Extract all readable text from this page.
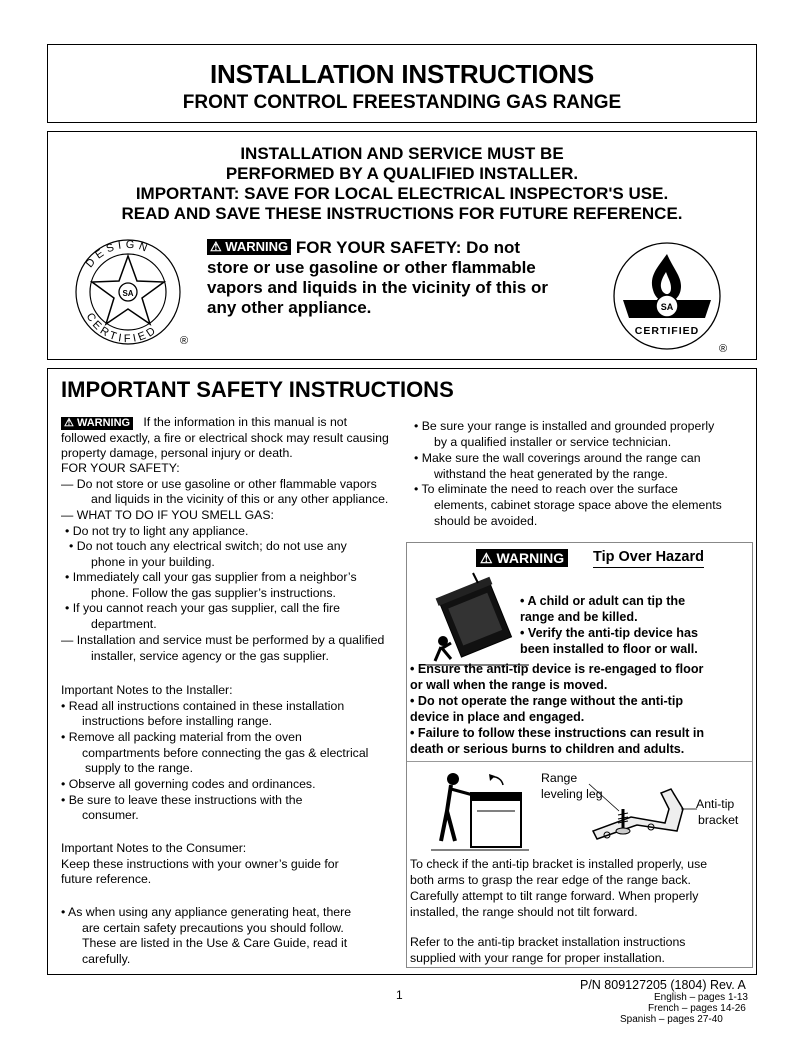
INSTALLATION INSTRUCTIONS
FRONT CONTROL FREESTANDING GAS RANGE
INSTALLATION AND SERVICE MUST BE
PERFORMED BY A QUALIFIED INSTALLER.
IMPORTANT: SAVE FOR LOCAL ELECTRICAL INSPECTOR'S USE.
READ AND SAVE THESE INSTRUCTIONS FOR FUTURE REFERENCE.
SA
DESIGN
CERTIFIED
®
⚠ WARNING FOR YOUR SAFETY: Do not
store or use gasoline or other flammable
vapors and liquids in the vicinity of this or
any other appliance.	SA
CERTIFIED
®
IMPORTANT SAFETY INSTRUCTIONS
⚠ WARNING If the information in this manual is not
followed exactly, a fire or electrical shock may result causing
property damage, personal injury or death.
FOR YOUR SAFETY:
— Do not store or use gasoline or other flammable vapors
and liquids in the vicinity of this or any other appliance.
— WHAT TO DO IF YOU SMELL GAS:
• Do not try to light any appliance.
• Do not touch any electrical switch; do not use any
phone in your building.
• Immediately call your gas supplier from a neighbor’s
phone. Follow the gas supplier’s instructions.
• If you cannot reach your gas supplier, call the fire
department.
— Installation and service must be performed by a qualified
installer, service agency or the gas supplier.
Important Notes to the Installer:
• Read all instructions contained in these installation
instructions before installing range.
• Remove all packing material from the oven
compartments before connecting the gas & electrical
supply to the range.
• Observe all governing codes and ordinances.
• Be sure to leave these instructions with the
consumer.
Important Notes to the Consumer:
Keep these instructions with your owner’s guide for
future reference.
• As when using any appliance generating heat, there
are certain safety precautions you should follow.
These are listed in the Use & Care Guide, read it
carefully.
• Be sure your range is installed and grounded properly
by a qualified installer or service technician.
• Make sure the wall coverings around the range can
withstand the heat generated by the range.
• To eliminate the need to reach over the surface
elements, cabinet storage space above the elements
should be avoided.
⚠ WARNING Tip Over Hazard
• A child or adult can tip the
range and be killed.
• Verify the anti-tip device has
been installed to floor or wall.
• Ensure the anti-tip device is re-engaged to floor
or wall when the range is moved.
• Do not operate the range without the anti-tip
device in place and engaged.
• Failure to follow these instructions can result in
death or serious burns to children and adults.
Range
leveling leg
Anti-tip
bracket
To check if the anti-tip bracket is installed properly, use
both arms to grasp the rear edge of the range back.
Carefully attempt to tilt range forward. When properly
installed, the range should not tilt forward.
Refer to the anti-tip bracket installation instructions
supplied with your range for proper installation.
1
P/N 809127205 (1804) Rev. A
English – pages 1-13
French – pages 14-26
Spanish – pages 27-40
